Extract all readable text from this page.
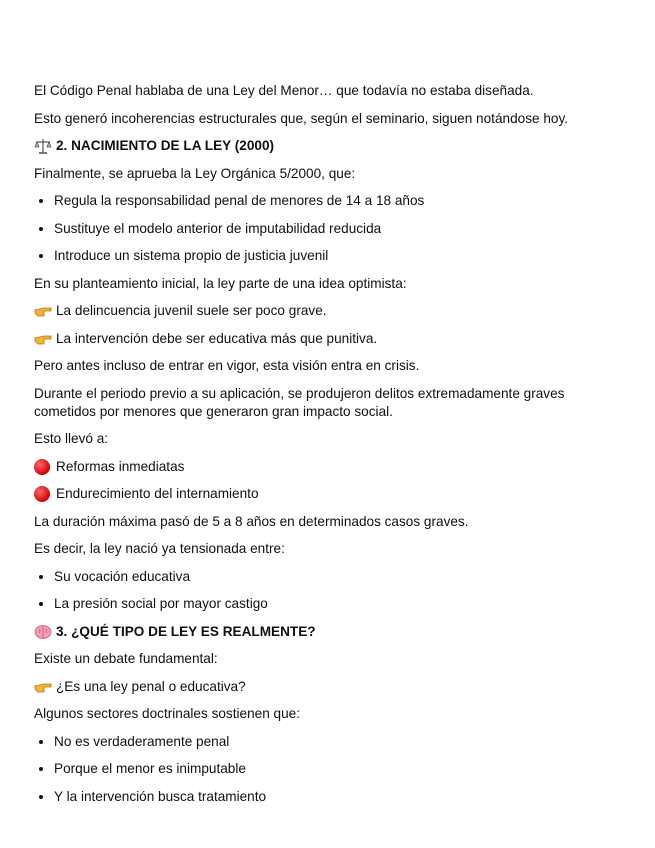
El Código Penal hablaba de una Ley del Menor… que todavía no estaba diseñada.

Esto generó incoherencias estructurales que, según el seminario, siguen notándose hoy.

2. NACIMIENTO DE LA LEY (2000)

Finalmente, se aprueba la Ley Orgánica 5/2000, que:

• Regula la responsabilidad penal de menores de 14 a 18 años
• Sustituye el modelo anterior de imputabilidad reducida
• Introduce un sistema propio de justicia juvenil

En su planteamiento inicial, la ley parte de una idea optimista:

La delincuencia juvenil suele ser poco grave.
La intervención debe ser educativa más que punitiva.

Pero antes incluso de entrar en vigor, esta visión entra en crisis.

Durante el periodo previo a su aplicación, se produjeron delitos extremadamente graves cometidos por menores que generaron gran impacto social.

Esto llevó a:

Reformas inmediatas
Endurecimiento del internamiento

La duración máxima pasó de 5 a 8 años en determinados casos graves.

Es decir, la ley nació ya tensionada entre:

• Su vocación educativa
• La presión social por mayor castigo

3. ¿QUÉ TIPO DE LEY ES REALMENTE?

Existe un debate fundamental:

¿Es una ley penal o educativa?

Algunos sectores doctrinales sostienen que:

• No es verdaderamente penal
• Porque el menor es inimputable
• Y la intervención busca tratamiento
